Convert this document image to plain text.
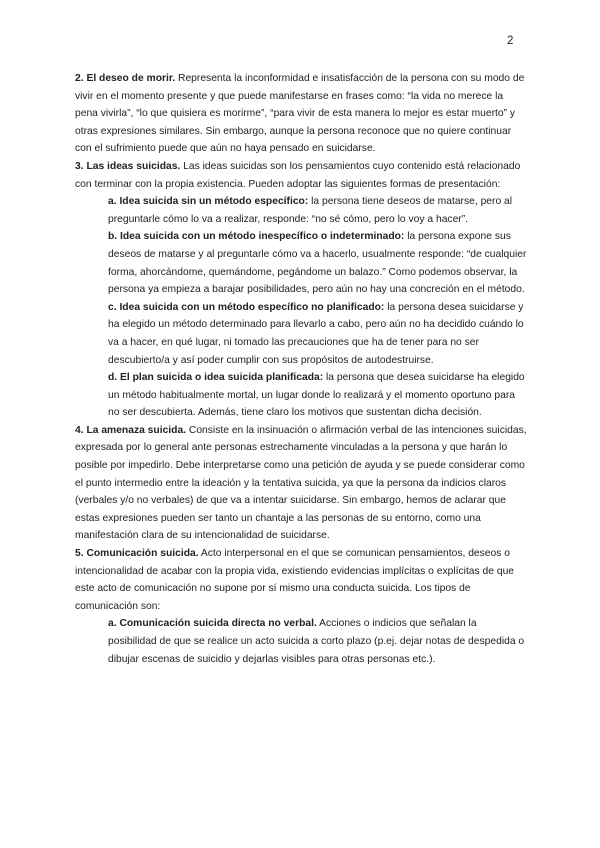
2

2. El deseo de morir. Representa la inconformidad e insatisfacción de la persona con su modo de vivir en el momento presente y que puede manifestarse en frases como: “la vida no merece la pena vivirla”, “lo que quisiera es morirme”, “para vivir de esta manera lo mejor es estar muerto” y otras expresiones similares. Sin embargo, aunque la persona reconoce que no quiere continuar con el sufrimiento puede que aún no haya pensado en suicidarse.

3. Las ideas suicidas. Las ideas suicidas son los pensamientos cuyo contenido está relacionado con terminar con la propia existencia. Pueden adoptar las siguientes formas de presentación:

a. Idea suicida sin un método específico: la persona tiene deseos de matarse, pero al preguntarle cómo lo va a realizar, responde: “no sé cómo, pero lo voy a hacer”.

b. Idea suicida con un método inespecífico o indeterminado: la persona expone sus deseos de matarse y al preguntarle cómo va a hacerlo, usualmente responde: “de cualquier forma, ahorcándome, quemándome, pegándome un balazo.” Como podemos observar, la persona ya empieza a barajar posibilidades, pero aún no hay una concreción en el método.

c. Idea suicida con un método específico no planificado: la persona desea suicidarse y ha elegido un método determinado para llevarlo a cabo, pero aún no ha decidido cuándo lo va a hacer, en qué lugar, ni tomado las precauciones que ha de tener para no ser descubierto/a y así poder cumplir con sus propósitos de autodestruirse.

d. El plan suicida o idea suicida planificada: la persona que desea suicidarse ha elegido un método habitualmente mortal, un lugar donde lo realizará y el momento oportuno para no ser descubierta. Además, tiene claro los motivos que sustentan dicha decisión.

4. La amenaza suicida. Consiste en la insinuación o afirmación verbal de las intenciones suicidas, expresada por lo general ante personas estrechamente vinculadas a la persona y que harán lo posible por impedirlo. Debe interpretarse como una petición de ayuda y se puede considerar como el punto intermedio entre la ideación y la tentativa suicida, ya que la persona da indicios claros (verbales y/o no verbales) de que va a intentar suicidarse. Sin embargo, hemos de aclarar que estas expresiones pueden ser tanto un chantaje a las personas de su entorno, como una manifestación clara de su intencionalidad de suicidarse.

5. Comunicación suicida. Acto interpersonal en el que se comunican pensamientos, deseos o intencionalidad de acabar con la propia vida, existiendo evidencias implícitas o explícitas de que este acto de comunicación no supone por sí mismo una conducta suicida. Los tipos de comunicación son:

a. Comunicación suicida directa no verbal. Acciones o indicios que señalan la posibilidad de que se realice un acto suicida a corto plazo (p.ej. dejar notas de despedida o dibujar escenas de suicidio y dejarlas visibles para otras personas etc.).
